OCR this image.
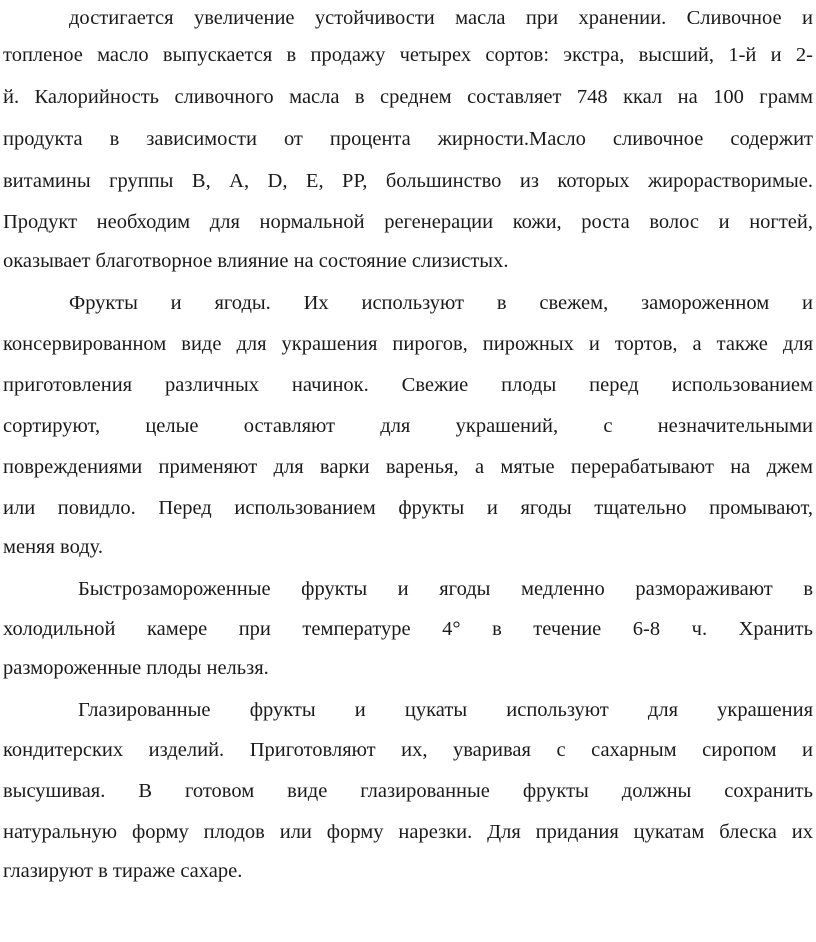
достигается увеличение устойчивости масла при хранении. Сливочное и
топленое масло выпускается в продажу четырех сортов: экстра, высший, 1-й и 2-
й. Калорийность сливочного масла в среднем составляет 748 ккал на 100 грамм
продукта в зависимости от процента жирности.Масло сливочное содержит
витамины группы В, А, D, Е, РР, большинство из которых жирорастворимые.
Продукт необходим для нормальной регенерации кожи, роста волос и ногтей,
оказывает благотворное влияние на состояние слизистых.
Фрукты и ягоды. Их используют в свежем, замороженном и
консервированном виде для украшения пирогов, пирожных и тортов, а также для
приготовления различных начинок. Свежие плоды перед использованием
сортируют, целые оставляют для украшений, с незначительными
повреждениями применяют для варки варенья, а мятые перерабатывают на джем
или повидло. Перед использованием фрукты и ягоды тщательно промывают,
меняя воду.
Быстрозамороженные фрукты и ягоды медленно размораживают в
холодильной камере при температуре 4° в течение 6-8 ч. Хранить
размороженные плоды нельзя.
Глазированные фрукты и цукаты используют для украшения
кондитерских изделий. Приготовляют их, уваривая с сахарным сиропом и
высушивая. В готовом виде глазированные фрукты должны сохранить
натуральную форму плодов или форму нарезки. Для придания цукатам блеска их
глазируют в тираже сахаре.
